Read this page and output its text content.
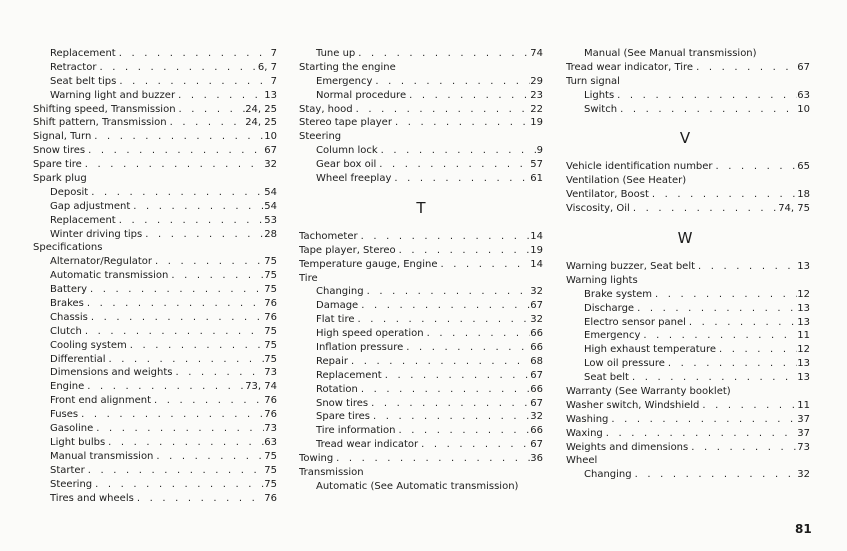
Replacement . . .	7
Retractor . . .	6, 7
Seat belt tips . . .	7
Warning light and buzzer . . .	13
Shifting speed, Transmission . . .	24, 25
Shift pattern, Transmission . . .	24, 25
Signal, Turn . . .	10
Snow tires . . .	67
Spare tire . . .	32
Spark plug
Deposit . . .	54
Gap adjustment . . .	54
Replacement . . .	53
Winter driving tips . . .	28
Specifications
Alternator/Regulator . . .	75
Automatic transmission . . .	75
Battery . . .	75
Brakes . . .	76
Chassis . . .	76
Clutch . . .	75
Cooling system . . .	75
Differential . . .	75
Dimensions and weights . . .	73
Engine . . .	73, 74
Front end alignment . . .	76
Fuses . . .	76
Gasoline . . .	73
Light bulbs . . .	63
Manual transmission . . .	75
Starter . . .	75
Steering . . .	75
Tires and wheels . . .	76
Tune up . . .	74
Starting the engine
Emergency . . .	29
Normal procedure . . .	23
Stay, hood . . .	22
Stereo tape player . . .	19
Steering
Column lock . . .	9
Gear box oil . . .	57
Wheel freeplay . . .	61
T
Tachometer . . .	14
Tape player, Stereo . . .	19
Temperature gauge, Engine . . .	14
Tire
Changing . . .	32
Damage . . .	67
Flat tire . . .	32
High speed operation . . .	66
Inflation pressure . . .	66
Repair . . .	68
Replacement . . .	67
Rotation . . .	66
Snow tires . . .	67
Spare tires . . .	32
Tire information . . .	66
Tread wear indicator . . .	67
Towing . . .	36
Transmission
Automatic (See Automatic transmission)
Manual (See Manual transmission)
Tread wear indicator, Tire . . .	67
Turn signal
Lights . . .	63
Switch . . .	10
V
Vehicle identification number . . .	65
Ventilation (See Heater)
Ventilator, Boost . . .	18
Viscosity, Oil . . .	74, 75
W
Warning buzzer, Seat belt . . .	13
Warning lights
Brake system . . .	12
Discharge . . .	13
Electro sensor panel . . .	13
Emergency . . .	11
High exhaust temperature . . .	12
Low oil pressure . . .	13
Seat belt . . .	13
Warranty (See Warranty booklet)
Washer switch, Windshield . . .	11
Washing . . .	37
Waxing . . .	37
Weights and dimensions . . .	73
Wheel
Changing . . .	32
81
